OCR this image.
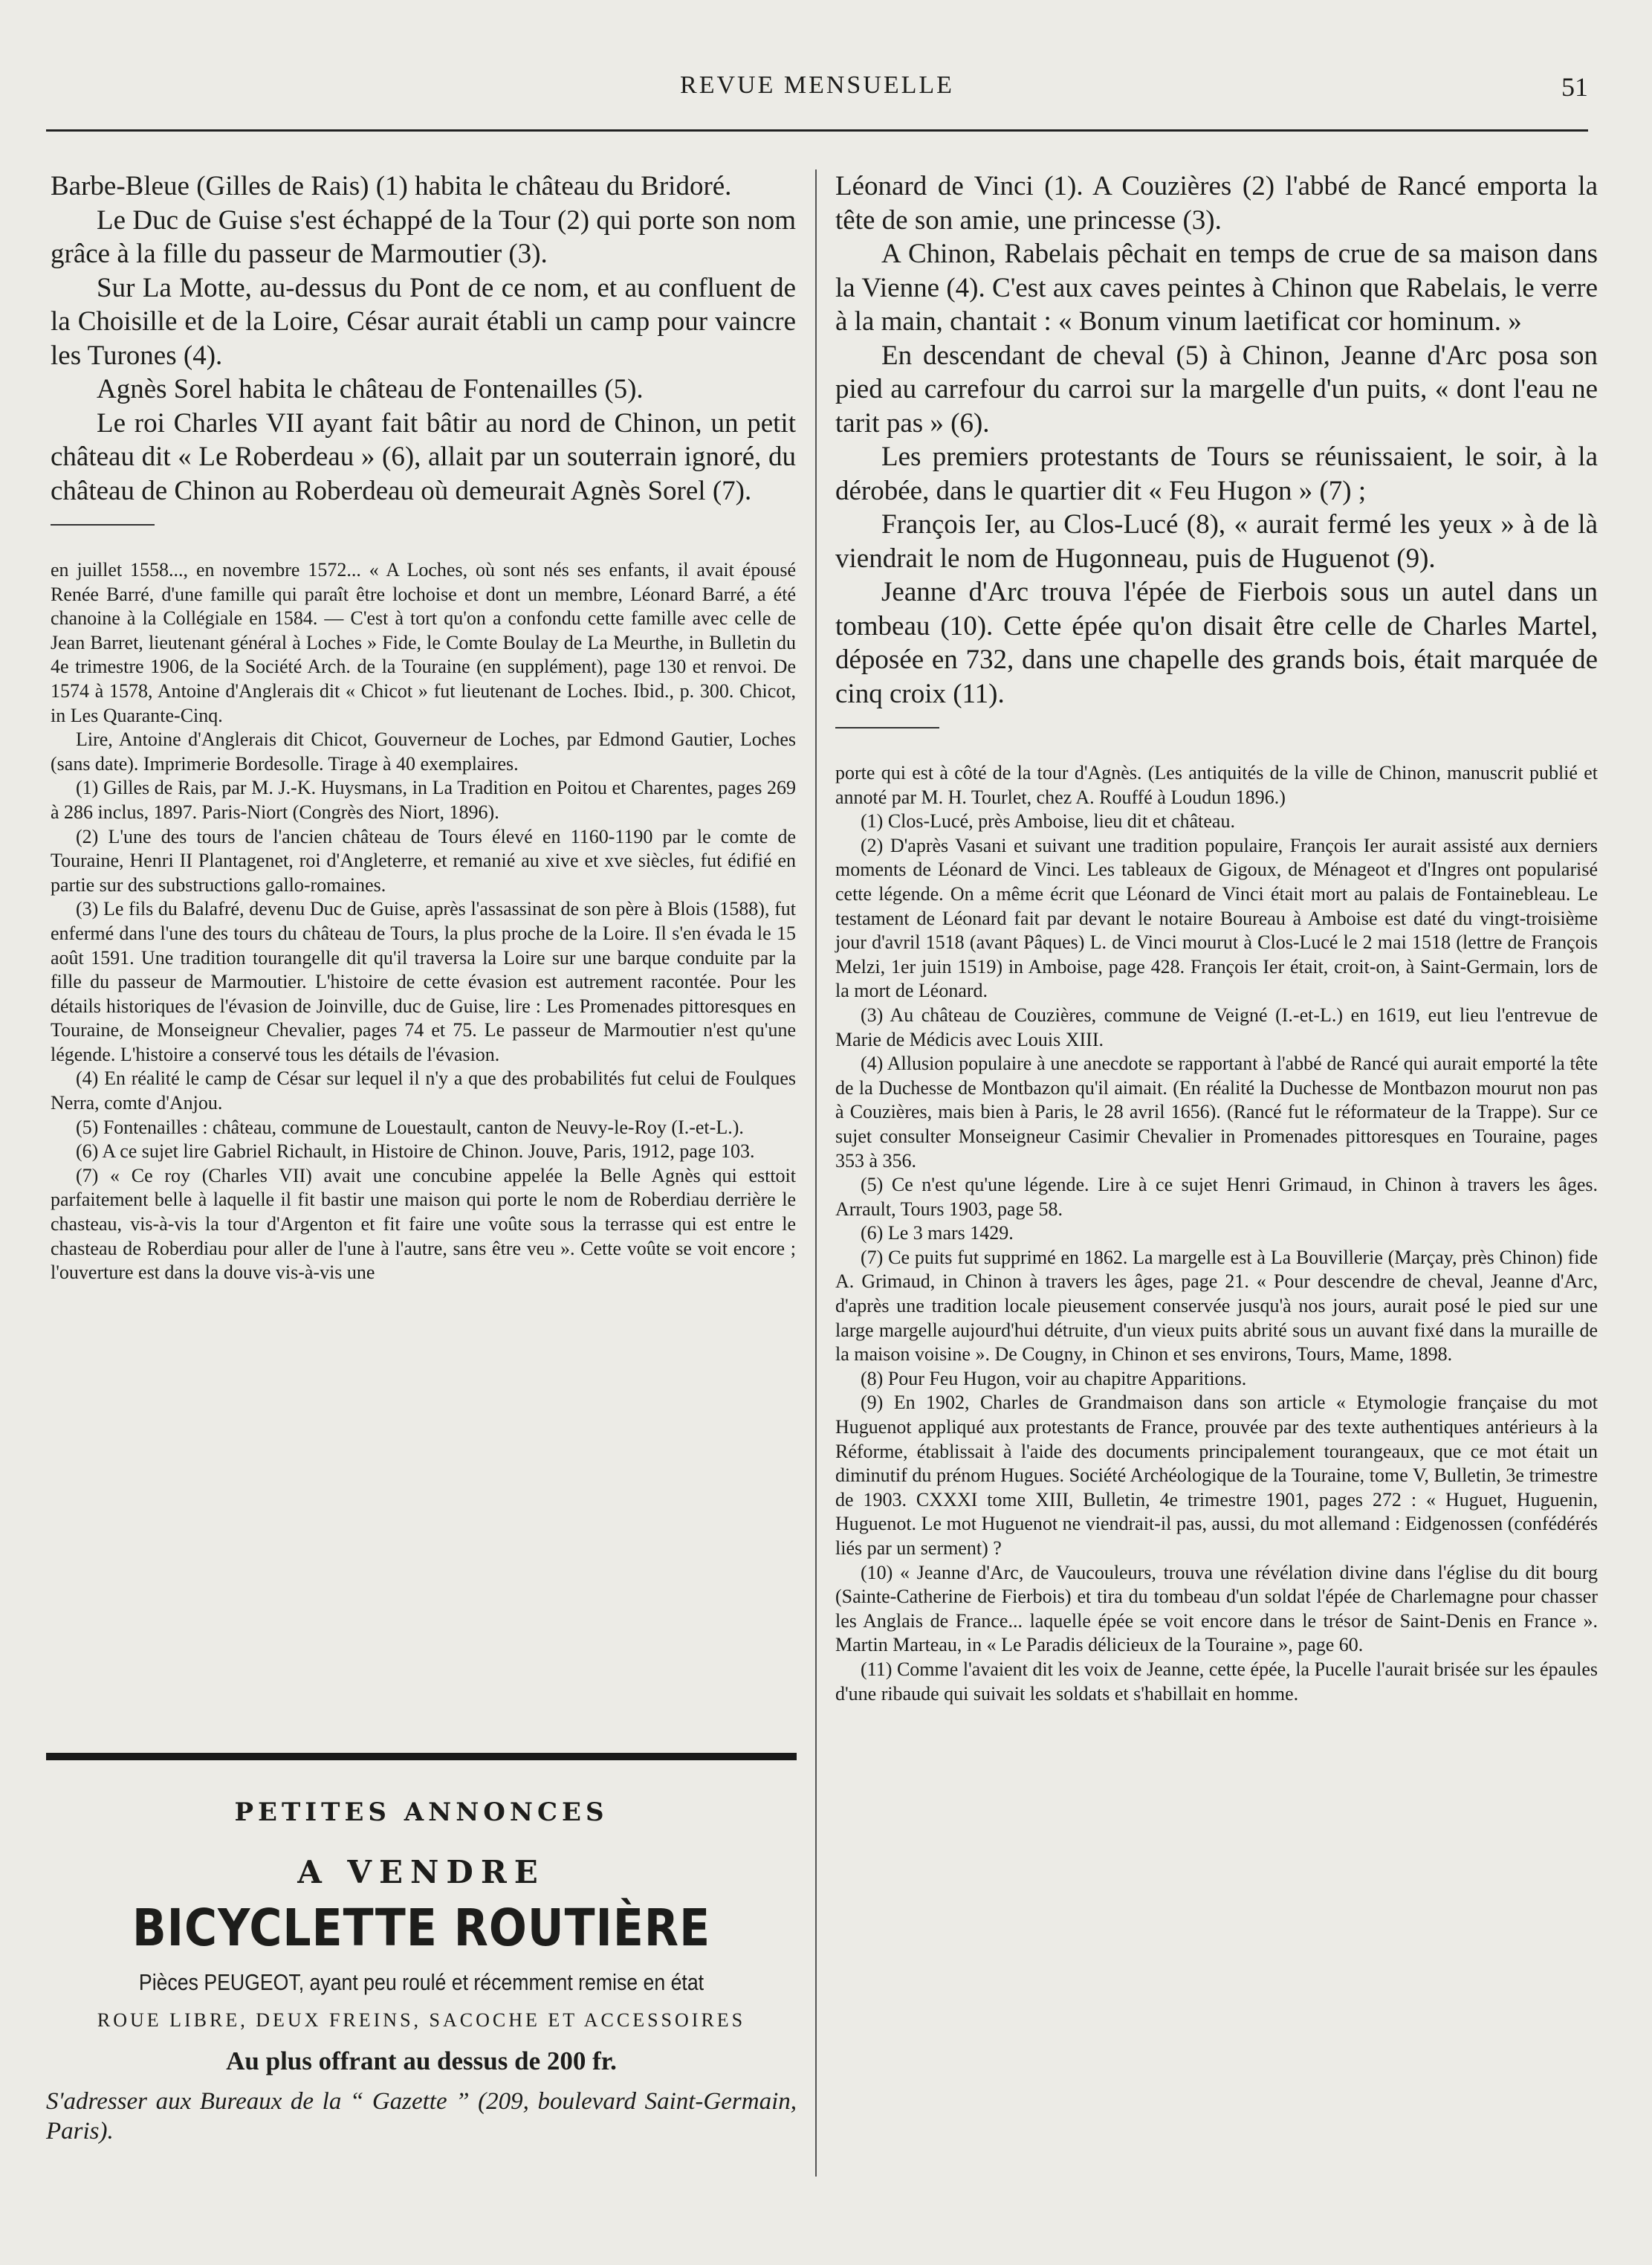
REVUE MENSUELLE	51

Barbe-Bleue (Gilles de Rais) (1) habita le château du Bridoré.

Le Duc de Guise s'est échappé de la Tour (2) qui porte son nom grâce à la fille du passeur de Marmoutier (3).

Sur La Motte, au-dessus du Pont de ce nom, et au confluent de la Choisille et de la Loire, César aurait établi un camp pour vaincre les Turones (4).

Agnès Sorel habita le château de Fontenailles (5).

Le roi Charles VII ayant fait bâtir au nord de Chinon, un petit château dit « Le Roberdeau » (6), allait par un souterrain ignoré, du château de Chinon au Roberdeau où demeurait Agnès Sorel (7).

en juillet 1558..., en novembre 1572... « A Loches, où sont nés ses enfants, il avait épousé Renée Barré, d'une famille qui paraît être lochoise et dont un membre, Léonard Barré, a été chanoine à la Collégiale en 1584. — C'est à tort qu'on a confondu cette famille avec celle de Jean Barret, lieutenant général à Loches » Fide, le Comte Boulay de La Meurthe, in Bulletin du 4e trimestre 1906, de la Société Arch. de la Touraine (en supplément), page 130 et renvoi. De 1574 à 1578, Antoine d'Anglerais dit « Chicot » fut lieutenant de Loches. Ibid., p. 300. Chicot, in Les Quarante-Cinq.

Lire, Antoine d'Anglerais dit Chicot, Gouverneur de Loches, par Edmond Gautier, Loches (sans date). Imprimerie Bordesolle. Tirage à 40 exemplaires.

(1) Gilles de Rais, par M. J.-K. Huysmans, in La Tradition en Poitou et Charentes, pages 269 à 286 inclus, 1897. Paris-Niort (Congrès des Niort, 1896).

(2) L'une des tours de l'ancien château de Tours élevé en 1160-1190 par le comte de Touraine, Henri II Plantagenet, roi d'Angleterre, et remanié au xive et xve siècles, fut édifié en partie sur des substructions gallo-romaines.

(3) Le fils du Balafré, devenu Duc de Guise, après l'assassinat de son père à Blois (1588), fut enfermé dans l'une des tours du château de Tours, la plus proche de la Loire. Il s'en évada le 15 août 1591. Une tradition tourangelle dit qu'il traversa la Loire sur une barque conduite par la fille du passeur de Marmoutier. L'histoire de cette évasion est autrement racontée. Pour les détails historiques de l'évasion de Joinville, duc de Guise, lire : Les Promenades pittoresques en Touraine, de Monseigneur Chevalier, pages 74 et 75. Le passeur de Marmoutier n'est qu'une légende. L'histoire a conservé tous les détails de l'évasion.

(4) En réalité le camp de César sur lequel il n'y a que des probabilités fut celui de Foulques Nerra, comte d'Anjou.

(5) Fontenailles : château, commune de Louestault, canton de Neuvy-le-Roy (I.-et-L.).

(6) A ce sujet lire Gabriel Richault, in Histoire de Chinon. Jouve, Paris, 1912, page 103.

(7) « Ce roy (Charles VII) avait une concubine appelée la Belle Agnès qui esttoit parfaitement belle à laquelle il fit bastir une maison qui porte le nom de Roberdiau derrière le chasteau, vis-à-vis la tour d'Argenton et fit faire une voûte sous la terrasse qui est entre le chasteau de Roberdiau pour aller de l'une à l'autre, sans être veu ». Cette voûte se voit encore ; l'ouverture est dans la douve vis-à-vis une

PETITES ANNONCES
A VENDRE
BICYCLETTE ROUTIÈRE
Pièces PEUGEOT, ayant peu roulé et récemment remise en état
ROUE LIBRE, DEUX FREINS, SACOCHE ET ACCESSOIRES
Au plus offrant au dessus de 200 fr.
S'adresser aux Bureaux de la “ Gazette ” (209, boulevard Saint-Germain, Paris).

Léonard de Vinci (1). A Couzières (2) l'abbé de Rancé emporta la tête de son amie, une princesse (3).

A Chinon, Rabelais pêchait en temps de crue de sa maison dans la Vienne (4). C'est aux caves peintes à Chinon que Rabelais, le verre à la main, chantait : « Bonum vinum laetificat cor hominum. »

En descendant de cheval (5) à Chinon, Jeanne d'Arc posa son pied au carrefour du carroi sur la margelle d'un puits, « dont l'eau ne tarit pas » (6).

Les premiers protestants de Tours se réunissaient, le soir, à la dérobée, dans le quartier dit « Feu Hugon » (7) ;

François Ier, au Clos-Lucé (8), « aurait fermé les yeux » à de là viendrait le nom de Hugonneau, puis de Huguenot (9).

Jeanne d'Arc trouva l'épée de Fierbois sous un autel dans un tombeau (10). Cette épée qu'on disait être celle de Charles Martel, déposée en 732, dans une chapelle des grands bois, était marquée de cinq croix (11).

porte qui est à côté de la tour d'Agnès. (Les antiquités de la ville de Chinon, manuscrit publié et annoté par M. H. Tourlet, chez A. Rouffé à Loudun 1896.)

(1) Clos-Lucé, près Amboise, lieu dit et château.

(2) D'après Vasani et suivant une tradition populaire, François Ier aurait assisté aux derniers moments de Léonard de Vinci. Les tableaux de Gigoux, de Ménageot et d'Ingres ont popularisé cette légende. On a même écrit que Léonard de Vinci était mort au palais de Fontainebleau. Le testament de Léonard fait par devant le notaire Boureau à Amboise est daté du vingt-troisième jour d'avril 1518 (avant Pâques) L. de Vinci mourut à Clos-Lucé le 2 mai 1518 (lettre de François Melzi, 1er juin 1519) in Amboise, page 428. François Ier était, croit-on, à Saint-Germain, lors de la mort de Léonard.

(3) Au château de Couzières, commune de Veigné (I.-et-L.) en 1619, eut lieu l'entrevue de Marie de Médicis avec Louis XIII.

(4) Allusion populaire à une anecdote se rapportant à l'abbé de Rancé qui aurait emporté la tête de la Duchesse de Montbazon qu'il aimait. (En réalité la Duchesse de Montbazon mourut non pas à Couzières, mais bien à Paris, le 28 avril 1656). (Rancé fut le réformateur de la Trappe). Sur ce sujet consulter Monseigneur Casimir Chevalier in Promenades pittoresques en Touraine, pages 353 à 356.

(5) Ce n'est qu'une légende. Lire à ce sujet Henri Grimaud, in Chinon à travers les âges. Arrault, Tours 1903, page 58.

(6) Le 3 mars 1429.

(7) Ce puits fut supprimé en 1862. La margelle est à La Bouvillerie (Marçay, près Chinon) fide A. Grimaud, in Chinon à travers les âges, page 21. « Pour descendre de cheval, Jeanne d'Arc, d'après une tradition locale pieusement conservée jusqu'à nos jours, aurait posé le pied sur une large margelle aujourd'hui détruite, d'un vieux puits abrité sous un auvant fixé dans la muraille de la maison voisine ». De Cougny, in Chinon et ses environs, Tours, Mame, 1898.

(8) Pour Feu Hugon, voir au chapitre Apparitions.

(9) En 1902, Charles de Grandmaison dans son article « Etymologie française du mot Huguenot appliqué aux protestants de France, prouvée par des texte authentiques antérieurs à la Réforme, établissait à l'aide des documents principalement tourangeaux, que ce mot était un diminutif du prénom Hugues. Société Archéologique de la Touraine, tome V, Bulletin, 3e trimestre de 1903. CXXXI tome XIII, Bulletin, 4e trimestre 1901, pages 272 : « Huguet, Huguenin, Huguenot. Le mot Huguenot ne viendrait-il pas, aussi, du mot allemand : Eidgenossen (confédérés liés par un serment) ?

(10) « Jeanne d'Arc, de Vaucouleurs, trouva une révélation divine dans l'église du dit bourg (Sainte-Catherine de Fierbois) et tira du tombeau d'un soldat l'épée de Charlemagne pour chasser les Anglais de France... laquelle épée se voit encore dans le trésor de Saint-Denis en France ». Martin Marteau, in « Le Paradis délicieux de la Touraine », page 60.

(11) Comme l'avaient dit les voix de Jeanne, cette épée, la Pucelle l'aurait brisée sur les épaules d'une ribaude qui suivait les soldats et s'habillait en homme.
